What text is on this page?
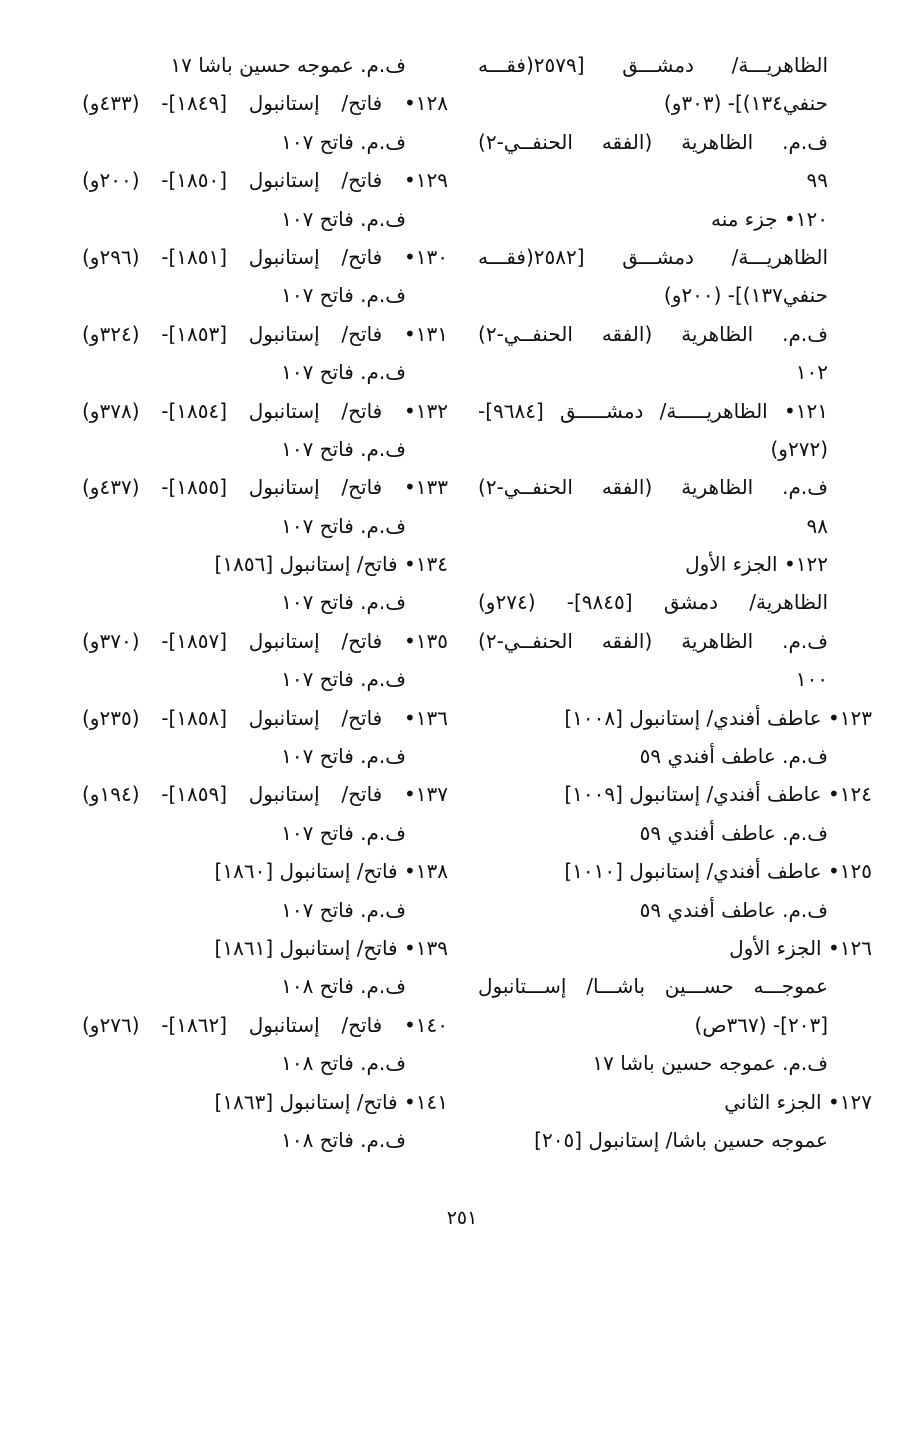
الظاهريـــة/ دمشـــق [٢٥٧٩(فقـــه
حنفي١٣٤)]- (٣٠٣و)
ف.م. الظاهرية (الفقه الحنفــي-٢)
٩٩
١٢٠• جزء منه
الظاهريـــة/ دمشـــق [٢٥٨٢(فقـــه
حنفي١٣٧)]- (٢٠٠و)
ف.م. الظاهرية (الفقه الحنفــي-٢)
١٠٢
١٢١• الظاهريـــــة/ دمشـــــق [٩٦٨٤]-
(٢٧٢و)
ف.م. الظاهرية (الفقه الحنفــي-٢)
٩٨
١٢٢• الجزء الأول
الظاهرية/ دمشق [٩٨٤٥]- (٢٧٤و)
ف.م. الظاهرية (الفقه الحنفــي-٢)
١٠٠
١٢٣• عاطف أفندي/ إستانبول [١٠٠٨]
ف.م. عاطف أفندي ٥٩
١٢٤• عاطف أفندي/ إستانبول [١٠٠٩]
ف.م. عاطف أفندي ٥٩
١٢٥• عاطف أفندي/ إستانبول [١٠١٠]
ف.م. عاطف أفندي ٥٩
١٢٦• الجزء الأول
عموجـــه حســـين باشـــا/ إســـتانبول
[٢٠٣]- (٣٦٧ص)
ف.م. عموجه حسين باشا ١٧
١٢٧• الجزء الثاني
عموجه حسين باشا/ إستانبول [٢٠٥]
ف.م. عموجه حسين باشا ١٧
١٢٨• فاتح/ إستانبول [١٨٤٩]- (٤٣٣و)
ف.م. فاتح ١٠٧
١٢٩• فاتح/ إستانبول [١٨٥٠]- (٢٠٠و)
ف.م. فاتح ١٠٧
١٣٠• فاتح/ إستانبول [١٨٥١]- (٢٩٦و)
ف.م. فاتح ١٠٧
١٣١• فاتح/ إستانبول [١٨٥٣]- (٣٢٤و)
ف.م. فاتح ١٠٧
١٣٢• فاتح/ إستانبول [١٨٥٤]- (٣٧٨و)
ف.م. فاتح ١٠٧
١٣٣• فاتح/ إستانبول [١٨٥٥]- (٤٣٧و)
ف.م. فاتح ١٠٧
١٣٤• فاتح/ إستانبول [١٨٥٦]
ف.م. فاتح ١٠٧
١٣٥• فاتح/ إستانبول [١٨٥٧]- (٣٧٠و)
ف.م. فاتح ١٠٧
١٣٦• فاتح/ إستانبول [١٨٥٨]- (٢٣٥و)
ف.م. فاتح ١٠٧
١٣٧• فاتح/ إستانبول [١٨٥٩]- (١٩٤و)
ف.م. فاتح ١٠٧
١٣٨• فاتح/ إستانبول [١٨٦٠]
ف.م. فاتح ١٠٧
١٣٩• فاتح/ إستانبول [١٨٦١]
ف.م. فاتح ١٠٨
١٤٠• فاتح/ إستانبول [١٨٦٢]- (٢٧٦و)
ف.م. فاتح ١٠٨
١٤١• فاتح/ إستانبول [١٨٦٣]
ف.م. فاتح ١٠٨
٢٥١
